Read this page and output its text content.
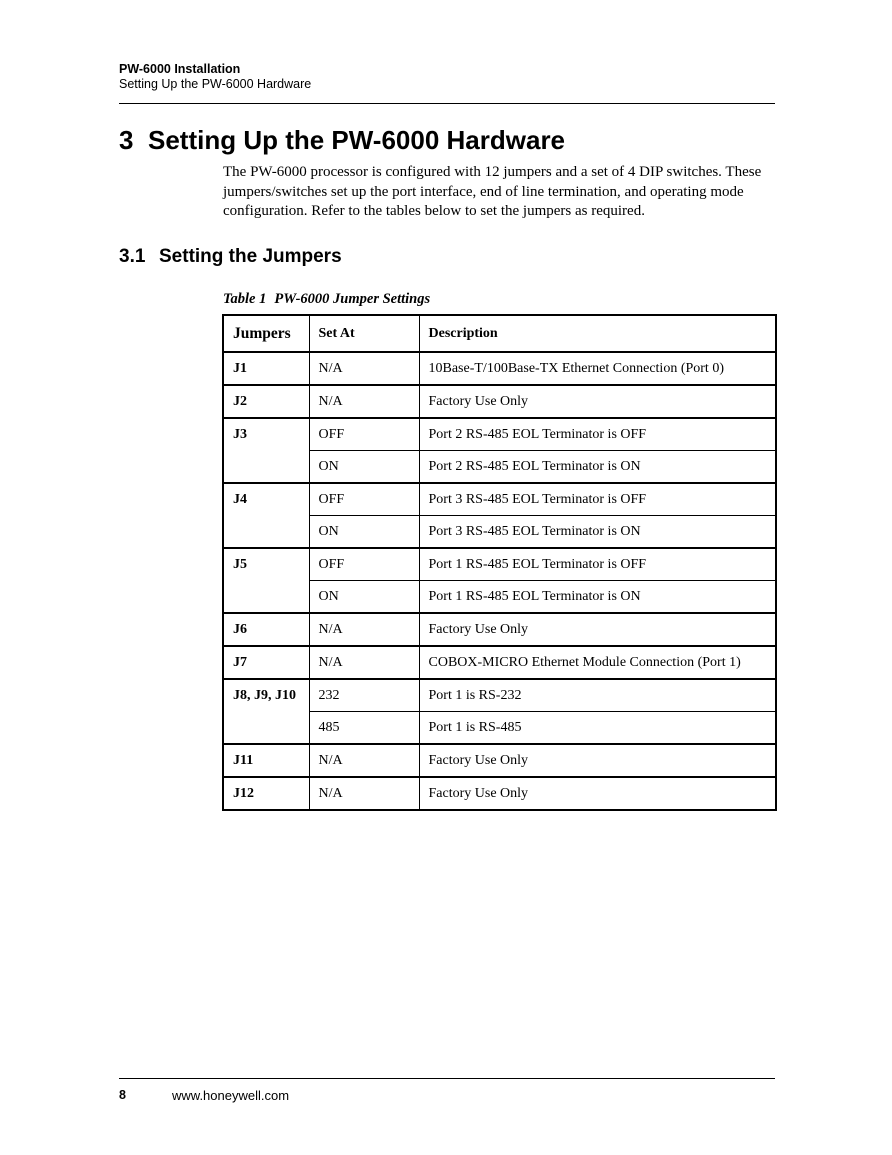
PW-6000 Installation
Setting Up the PW-6000 Hardware
3 Setting Up the PW-6000 Hardware
The PW-6000 processor is configured with 12 jumpers and a set of 4 DIP switches. These jumpers/switches set up the port interface, end of line termination, and operating mode configuration. Refer to the tables below to set the jumpers as required.
3.1 Setting the Jumpers
Table 1 PW-6000 Jumper Settings
Jumpers	Set At	Description
J1	N/A	10Base-T/100Base-TX Ethernet Connection (Port 0)
J2	N/A	Factory Use Only
J3	OFF	Port 2 RS-485 EOL Terminator is OFF
	ON	Port 2 RS-485 EOL Terminator is ON
J4	OFF	Port 3 RS-485 EOL Terminator is OFF
	ON	Port 3 RS-485 EOL Terminator is ON
J5	OFF	Port 1 RS-485 EOL Terminator is OFF
	ON	Port 1 RS-485 EOL Terminator is ON
J6	N/A	Factory Use Only
J7	N/A	COBOX-MICRO Ethernet Module Connection (Port 1)
J8, J9, J10	232	Port 1 is RS-232
	485	Port 1 is RS-485
J11	N/A	Factory Use Only
J12	N/A	Factory Use Only
8	www.honeywell.com
